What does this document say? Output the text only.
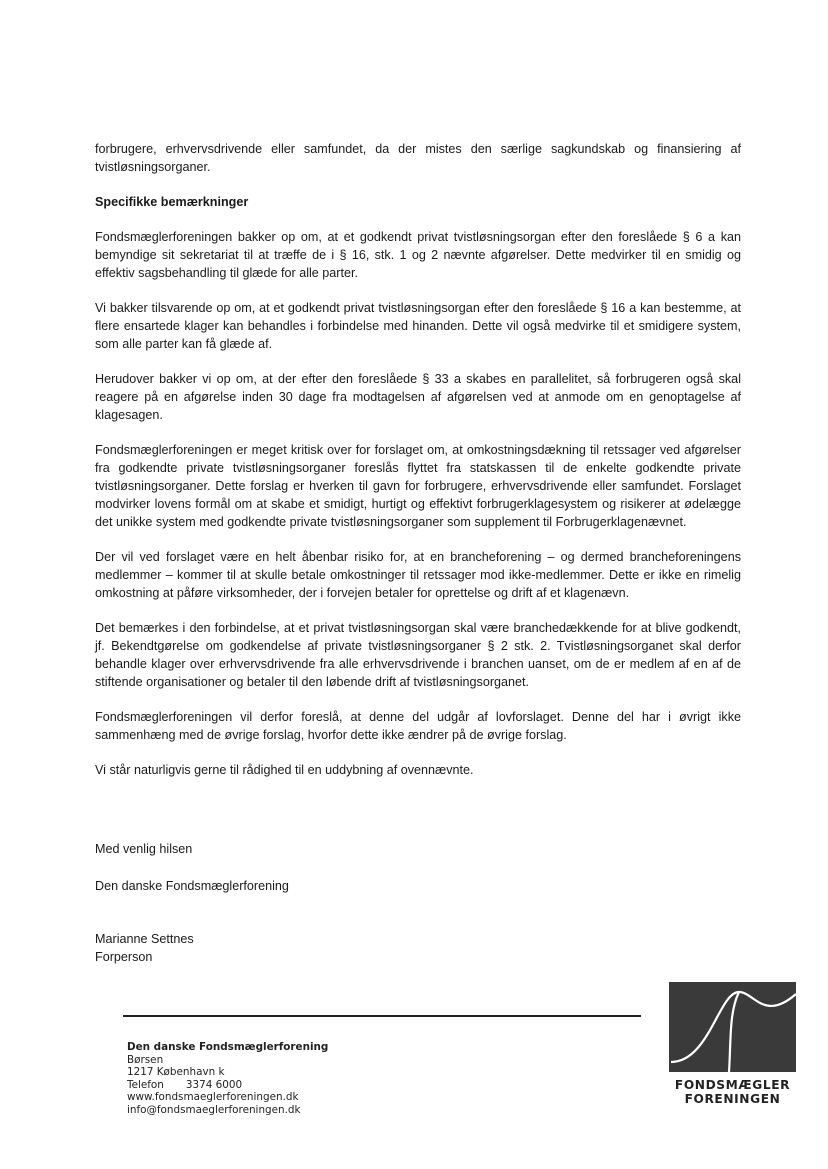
forbrugere, erhvervsdrivende eller samfundet, da der mistes den særlige sagkundskab og finansiering af tvistløsningsorganer.

Specifikke bemærkninger

Fondsmæglerforeningen bakker op om, at et godkendt privat tvistløsningsorgan efter den foreslåede § 6 a kan bemyndige sit sekretariat til at træffe de i § 16, stk. 1 og 2 nævnte afgørelser. Dette medvirker til en smidig og effektiv sagsbehandling til glæde for alle parter.

Vi bakker tilsvarende op om, at et godkendt privat tvistløsningsorgan efter den foreslåede § 16 a kan bestemme, at flere ensartede klager kan behandles i forbindelse med hinanden. Dette vil også medvirke til et smidigere system, som alle parter kan få glæde af.

Herudover bakker vi op om, at der efter den foreslåede § 33 a skabes en parallelitet, så forbrugeren også skal reagere på en afgørelse inden 30 dage fra modtagelsen af afgørelsen ved at anmode om en genoptagelse af klagesagen.

Fondsmæglerforeningen er meget kritisk over for forslaget om, at omkostningsdækning til retssager ved afgørelser fra godkendte private tvistløsningsorganer foreslås flyttet fra statskassen til de enkelte godkendte private tvistløsningsorganer. Dette forslag er hverken til gavn for forbrugere, erhvervsdrivende eller samfundet. Forslaget modvirker lovens formål om at skabe et smidigt, hurtigt og effektivt forbrugerklagesystem og risikerer at ødelægge det unikke system med godkendte private tvistløsningsorganer som supplement til Forbrugerklagenævnet.

Der vil ved forslaget være en helt åbenbar risiko for, at en brancheforening – og dermed brancheforeningens medlemmer – kommer til at skulle betale omkostninger til retssager mod ikke-medlemmer. Dette er ikke en rimelig omkostning at påføre virksomheder, der i forvejen betaler for oprettelse og drift af et klagenævn.

Det bemærkes i den forbindelse, at et privat tvistløsningsorgan skal være branchedækkende for at blive godkendt, jf. Bekendtgørelse om godkendelse af private tvistløsningsorganer § 2 stk. 2. Tvistløsningsorganet skal derfor behandle klager over erhvervsdrivende fra alle erhvervsdrivende i branchen uanset, om de er medlem af en af de stiftende organisationer og betaler til den løbende drift af tvistløsningsorganet.

Fondsmæglerforeningen vil derfor foreslå, at denne del udgår af lovforslaget. Denne del har i øvrigt ikke sammenhæng med de øvrige forslag, hvorfor dette ikke ændrer på de øvrige forslag.

Vi står naturligvis gerne til rådighed til en uddybning af ovennævnte.

Med venlig hilsen
Den danske Fondsmæglerforening
Marianne Settnes
Forperson
Den danske Fondsmæglerforening
Børsen
1217 København k
Telefon 3374 6000
www.fondsmaeglerforeningen.dk
info@fondsmaeglerforeningen.dk
FONDSMÆGLER
FORENINGEN
